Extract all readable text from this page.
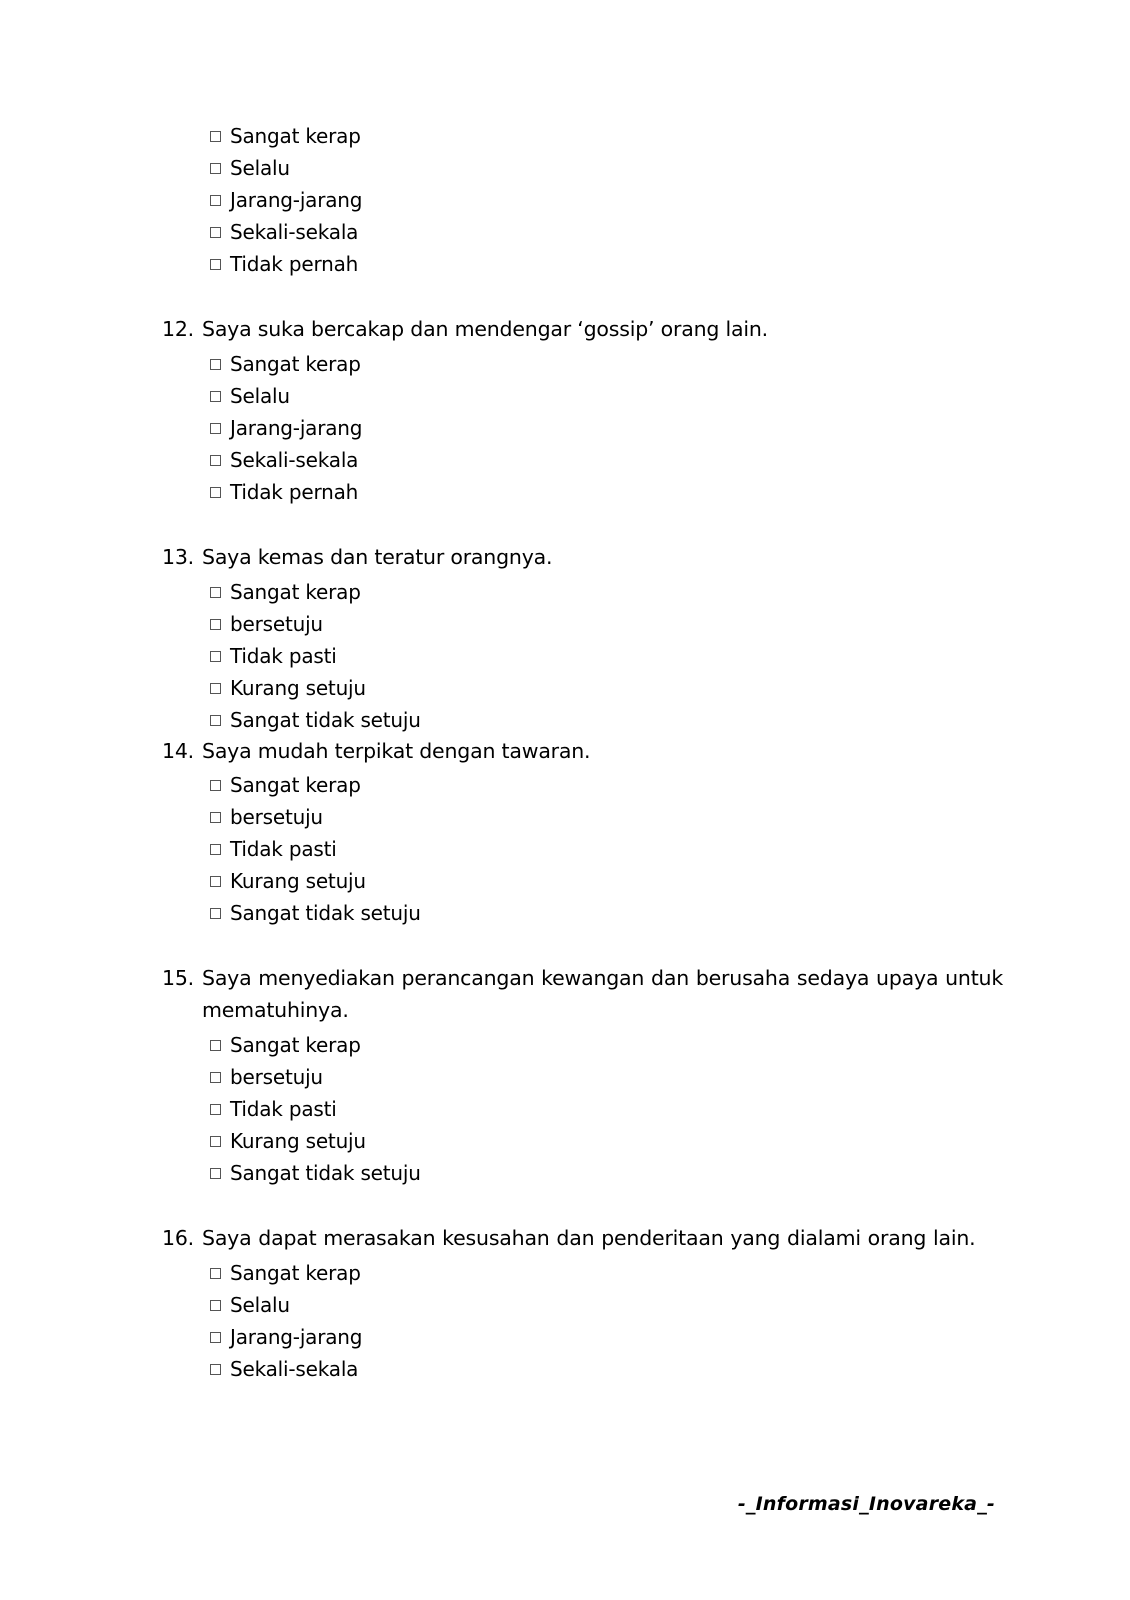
Sangat kerap
Selalu
Jarang-jarang
Sekali-sekala
Tidak pernah
12. Saya suka bercakap dan mendengar ‘gossip’ orang lain.
Sangat kerap
Selalu
Jarang-jarang
Sekali-sekala
Tidak pernah
13. Saya kemas dan teratur orangnya.
Sangat kerap
bersetuju
Tidak pasti
Kurang setuju
Sangat tidak setuju
14. Saya mudah terpikat dengan tawaran.
Sangat kerap
bersetuju
Tidak pasti
Kurang setuju
Sangat tidak setuju
15. Saya menyediakan perancangan kewangan dan berusaha sedaya upaya untuk mematuhinya.
Sangat kerap
bersetuju
Tidak pasti
Kurang setuju
Sangat tidak setuju
16. Saya dapat merasakan kesusahan dan penderitaan yang dialami orang lain.
Sangat kerap
Selalu
Jarang-jarang
Sekali-sekala
-_Informasi_Inovareka_-
